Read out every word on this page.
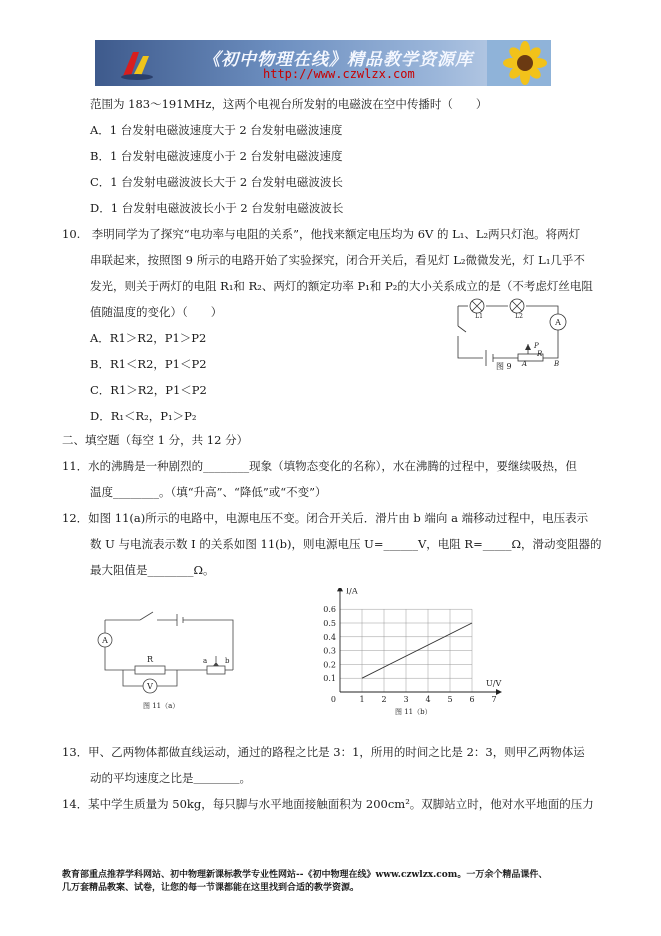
《初中物理在线》精品教学资源库
http://www.czwlzx.com
范围为 183～191MHz，这两个电视台所发射的电磁波在空中传播时（　　）
A．1 台发射电磁波速度大于 2 台发射电磁波速度
B．1 台发射电磁波速度小于 2 台发射电磁波速度
C．1 台发射电磁波波长大于 2 台发射电磁波波长
D．1 台发射电磁波波长小于 2 台发射电磁波波长
10.　李明同学为了探究“电功率与电阻的关系”，他找来额定电压均为 6V 的 L₁、L₂两只灯泡。将两灯
串联起来，按照图 9 所示的电路开始了实验探究，闭合开关后，看见灯 L₂微微发光，灯 L₁几乎不
发光，则关于两灯的电阻 R₁和 R₂、两灯的额定功率 P₁和 P₂的大小关系成立的是（不考虑灯丝电阻
值随温度的变化）（　　）
A．R1＞R2，P1＞P2
B．R1＜R2，P1＜P2
C．R1＞R2，P1＜P2
D．R₁＜R₂，P₁＞P₂
A
L1	L2
P
A
R
B
图 9
二、填空题（每空 1 分，共 12 分）
11．水的沸腾是一种剧烈的________现象（填物态变化的名称），水在沸腾的过程中，要继续吸热，但
温度________。（填“升高”、“降低”或“不变”）
12．如图 11(a)所示的电路中，电源电压不变。闭合开关后．滑片由 b 端向 a 端移动过程中，电压表示
数 U 与电流表示数 I 的关系如图 11(b)，则电源电压 U=______V，电阻 R=_____Ω，滑动变阻器的
最大阻值是________Ω。
A
V
R	a	b
图 11（a）
1 2 3 4 5 6 7
0.1
0.2
0.3
0.4
0.5
0.6
I/A
U/V
0
图 11（b）
13．甲、乙两物体都做直线运动，通过的路程之比是 3：1，所用的时间之比是 2：3，则甲乙两物体运
动的平均速度之比是＿＿＿＿。
14．某中学生质量为 50kg，每只脚与水平地面接触面积为 200cm²。双脚站立时，他对水平地面的压力
教育部重点推荐学科网站、初中物理新课标教学专业性网站--《初中物理在线》www.czwlzx.com。一万余个精品课件、
几万套精品教案、试卷，让您的每一节课都能在这里找到合适的教学资源。
